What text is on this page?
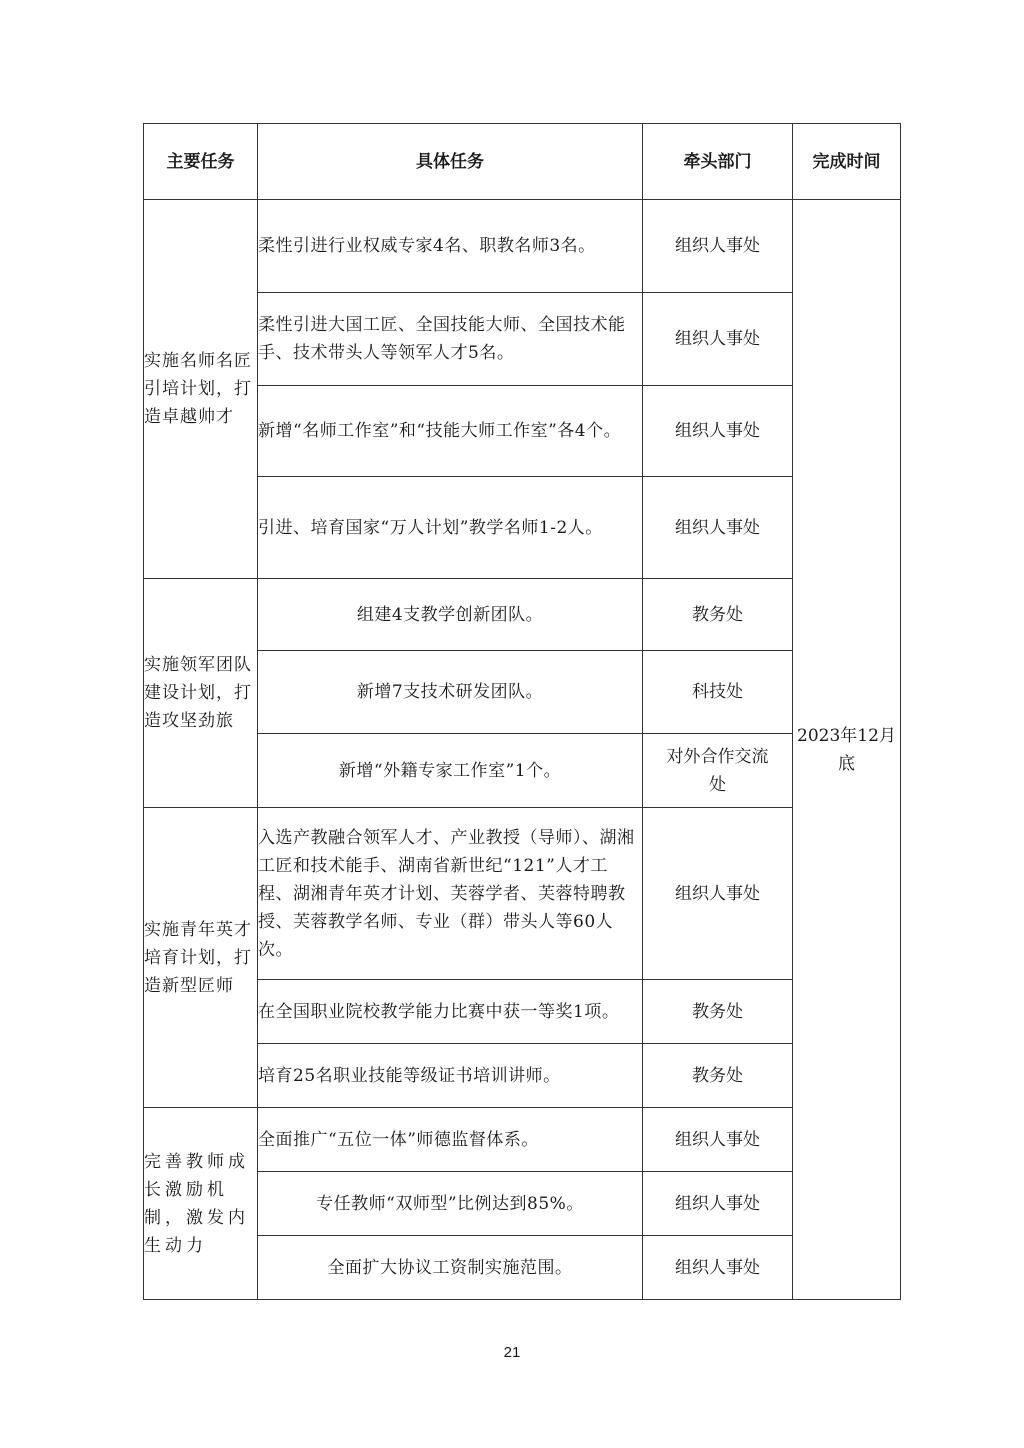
主要任务	具体任务	牵头部门	完成时间
实施名师名匠引培计划，打造卓越帅才	柔性引进行业权威专家4名、职教名师3名。	组织人事处	2023年12月底
	柔性引进大国工匠、全国技能大师、全国技术能手、技术带头人等领军人才5名。	组织人事处	
	新增“名师工作室”和“技能大师工作室”各4个。	组织人事处	
	引进、培育国家“万人计划”教学名师1-2人。	组织人事处	
实施领军团队建设计划，打造攻坚劲旅	组建4支教学创新团队。	教务处	
	新增7支技术研发团队。	科技处	
	新增“外籍专家工作室”1个。	对外合作交流处	
实施青年英才培育计划，打造新型匠师	入选产教融合领军人才、产业教授（导师）、湖湘工匠和技术能手、湖南省新世纪“121”人才工程、湖湘青年英才计划、芙蓉学者、芙蓉特聘教授、芙蓉教学名师、专业（群）带头人等60人次。	组织人事处	
	在全国职业院校教学能力比赛中获一等奖1项。	教务处	
	培育25名职业技能等级证书培训讲师。	教务处	
完善教师成长激励机制，激发内生动力	全面推广“五位一体”师德监督体系。	组织人事处	
	专任教师“双师型”比例达到85%。	组织人事处	
	全面扩大协议工资制实施范围。	组织人事处	
21
